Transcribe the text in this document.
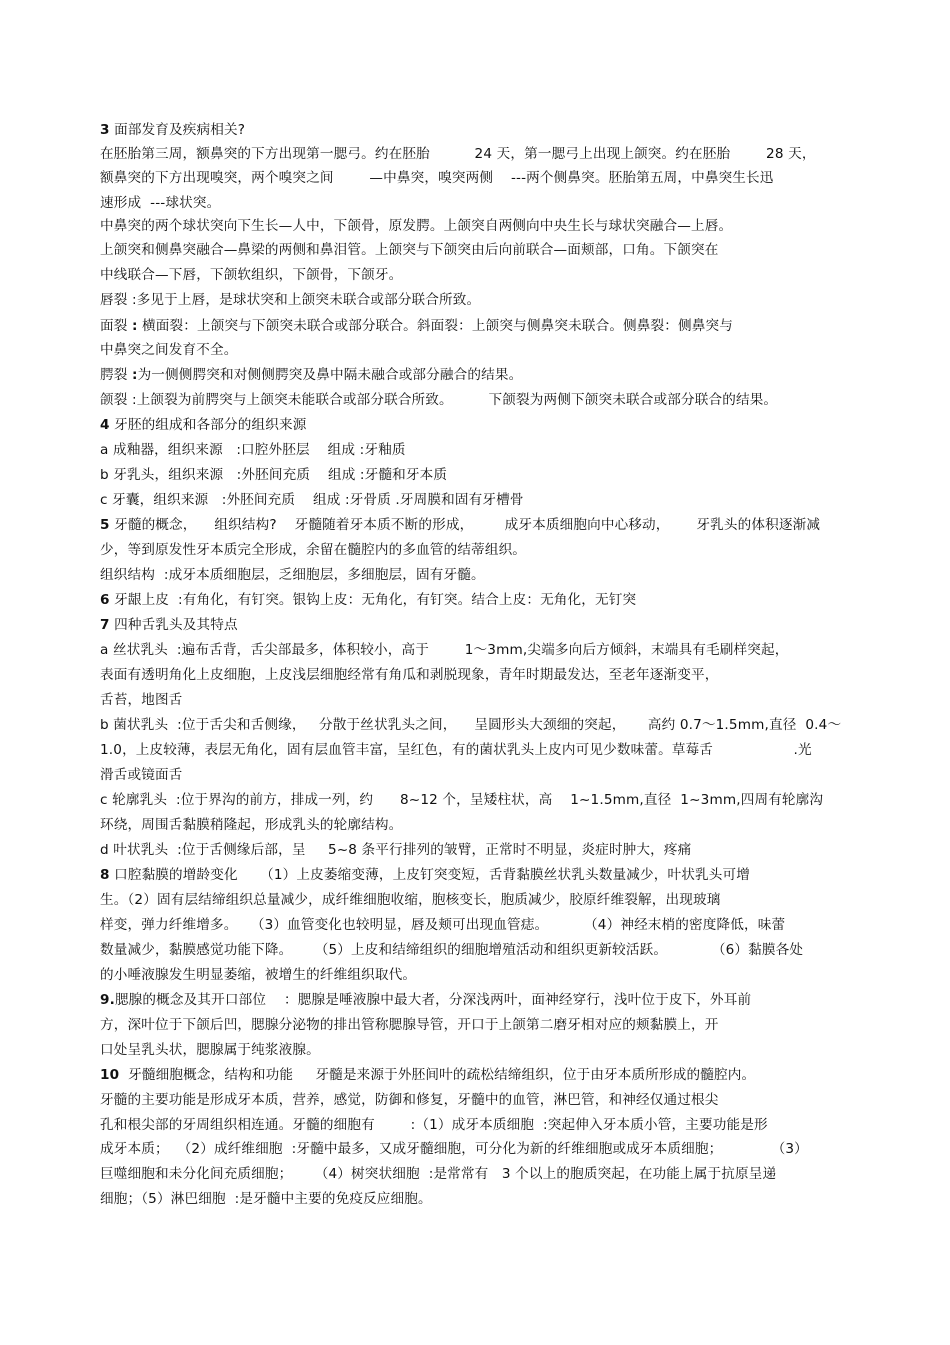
3 面部发育及疾病相关?
在胚胎第三周，额鼻突的下方出现第一腮弓。约在胚胎          24 天，第一腮弓上出现上颌突。约在胚胎        28 天，
额鼻突的下方出现嗅突，两个嗅突之间        —中鼻突，嗅突两侧    ---两个侧鼻突。胚胎第五周，中鼻突生长迅
速形成  ---球状突。
中鼻突的两个球状突向下生长—人中，下颌骨，原发腭。上颌突自两侧向中央生长与球状突融合—上唇。
上颌突和侧鼻突融合—鼻梁的两侧和鼻泪管。上颌突与下颌突由后向前联合—面颊部，口角。下颌突在
中线联合—下唇，下颌软组织，下颌骨，下颌牙。
唇裂 :多见于上唇，是球状突和上颌突未联合或部分联合所致。
面裂 : 横面裂：上颌突与下颌突未联合或部分联合。斜面裂：上颌突与侧鼻突未联合。侧鼻裂：侧鼻突与
中鼻突之间发育不全。
腭裂 :为一侧侧腭突和对侧侧腭突及鼻中隔未融合或部分融合的结果。
颌裂 :上颌裂为前腭突与上颌突未能联合或部分联合所致。        下颌裂为两侧下颌突未联合或部分联合的结果。
4 牙胚的组成和各部分的组织来源
a 成釉器，组织来源   :口腔外胚层    组成 :牙釉质
b 牙乳头，组织来源   :外胚间充质    组成 :牙髓和牙本质
c 牙囊，组织来源   :外胚间充质    组成 :牙骨质 .牙周膜和固有牙槽骨
5 牙髓的概念，    组织结构?    牙髓随着牙本质不断的形成，       成牙本质细胞向中心移动，      牙乳头的体积逐渐减
少，等到原发性牙本质完全形成，余留在髓腔内的多血管的结蒂组织。
组织结构  :成牙本质细胞层，乏细胞层，多细胞层，固有牙髓。
6 牙龈上皮  :有角化，有钉突。银钩上皮：无角化，有钉突。结合上皮：无角化，无钉突
7 四种舌乳头及其特点
a 丝状乳头  :遍布舌背，舌尖部最多，体积较小，高于        1～3mm,尖端多向后方倾斜，末端具有毛刷样突起，
表面有透明角化上皮细胞，上皮浅层细胞经常有角瓜和剥脱现象，青年时期最发达，至老年逐渐变平，
舌苔，地图舌
b 菌状乳头  :位于舌尖和舌侧缘，   分散于丝状乳头之间，    呈圆形头大颈细的突起，     高约 0.7～1.5mm,直径  0.4～
1.0，上皮较薄，表层无角化，固有层血管丰富，呈红色，有的菌状乳头上皮内可见少数味蕾。草莓舌                  .光
滑舌或镜面舌
c 轮廓乳头  :位于界沟的前方，排成一列，约      8~12 个，呈矮柱状，高    1~1.5mm,直径  1~3mm,四周有轮廓沟
环绕，周围舌黏膜稍隆起，形成乳头的轮廓结构。
d 叶状乳头  :位于舌侧缘后部，呈     5~8 条平行排列的皱臂，正常时不明显，炎症时肿大，疼痛
8 口腔黏膜的增龄变化     （1）上皮萎缩变薄，上皮钉突变短，舌背黏膜丝状乳头数量减少，叶状乳头可增
生。（2）固有层结缔组织总量减少，成纤维细胞收缩，胞核变长，胞质减少，胶原纤维裂解，出现玻璃
样变，弹力纤维增多。   （3）血管变化也较明显，唇及颊可出现血管痣。        （4）神经末梢的密度降低，味蕾
数量减少，黏膜感觉功能下降。     （5）上皮和结缔组织的细胞增殖活动和组织更新较活跃。          （6）黏膜各处
的小唾液腺发生明显萎缩，被增生的纤维组织取代。
9.腮腺的概念及其开口部位    ：腮腺是唾液腺中最大者，分深浅两叶，面神经穿行，浅叶位于皮下，外耳前
方，深叶位于下颌后凹，腮腺分泌物的排出管称腮腺导管，开口于上颌第二磨牙相对应的颊黏膜上，开
口处呈乳头状，腮腺属于纯浆液腺。
10  牙髓细胞概念，结构和功能     牙髓是来源于外胚间叶的疏松结缔组织，位于由牙本质所形成的髓腔内。
牙髓的主要功能是形成牙本质，营养，感觉，防御和修复，牙髓中的血管，淋巴管，和神经仅通过根尖
孔和根尖部的牙周组织相连通。牙髓的细胞有        :（1）成牙本质细胞  :突起伸入牙本质小管，主要功能是形
成牙本质；  （2）成纤维细胞  :牙髓中最多，又成牙髓细胞，可分化为新的纤维细胞或成牙本质细胞；           （3）
巨噬细胞和未分化间充质细胞；     （4）树突状细胞  :是常常有   3 个以上的胞质突起，在功能上属于抗原呈递
细胞；（5）淋巴细胞  :是牙髓中主要的免疫反应细胞。
